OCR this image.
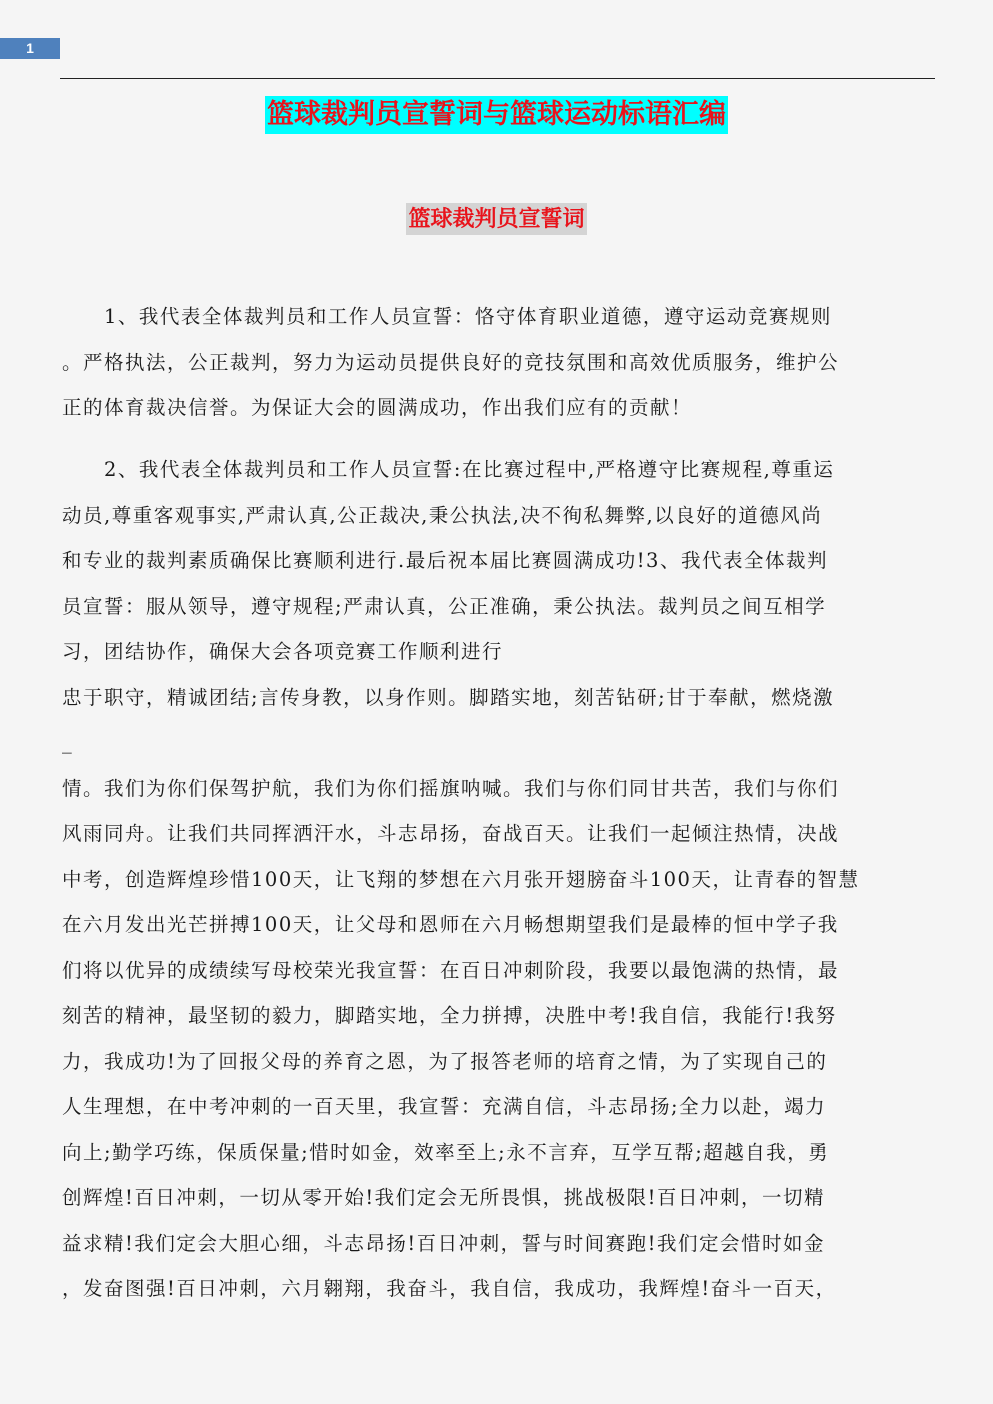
1
篮球裁判员宣誓词与篮球运动标语汇编
篮球裁判员宣誓词
　　1、我代表全体裁判员和工作人员宣誓：恪守体育职业道德，遵守运动竞赛规则
。严格执法，公正裁判，努力为运动员提供良好的竞技氛围和高效优质服务，维护公
正的体育裁决信誉。为保证大会的圆满成功，作出我们应有的贡献！
　　2、我代表全体裁判员和工作人员宣誓:在比赛过程中,严格遵守比赛规程,尊重运
动员,尊重客观事实,严肃认真,公正裁决,秉公执法,决不徇私舞弊,以良好的道德风尚
和专业的裁判素质确保比赛顺利进行.最后祝本届比赛圆满成功!3、我代表全体裁判
员宣誓：服从领导，遵守规程;严肃认真，公正准确，秉公执法。裁判员之间互相学
习，团结协作，确保大会各项竞赛工作顺利进行
忠于职守，精诚团结;言传身教，以身作则。脚踏实地，刻苦钻研;甘于奉献，燃烧激
_
情。我们为你们保驾护航，我们为你们摇旗呐喊。我们与你们同甘共苦，我们与你们
风雨同舟。让我们共同挥洒汗水，斗志昂扬，奋战百天。让我们一起倾注热情，决战
中考，创造辉煌珍惜100天，让飞翔的梦想在六月张开翅膀奋斗100天，让青春的智慧
在六月发出光芒拼搏100天，让父母和恩师在六月畅想期望我们是最棒的恒中学子我
们将以优异的成绩续写母校荣光我宣誓：在百日冲刺阶段，我要以最饱满的热情，最
刻苦的精神，最坚韧的毅力，脚踏实地，全力拼搏，决胜中考!我自信，我能行!我努
力，我成功!为了回报父母的养育之恩，为了报答老师的培育之情，为了实现自己的
人生理想，在中考冲刺的一百天里，我宣誓：充满自信，斗志昂扬;全力以赴，竭力
向上;勤学巧练，保质保量;惜时如金，效率至上;永不言弃，互学互帮;超越自我，勇
创辉煌!百日冲刺，一切从零开始!我们定会无所畏惧，挑战极限!百日冲刺，一切精
益求精!我们定会大胆心细，斗志昂扬!百日冲刺，誓与时间赛跑!我们定会惜时如金
，发奋图强!百日冲刺，六月翱翔，我奋斗，我自信，我成功，我辉煌!奋斗一百天，
